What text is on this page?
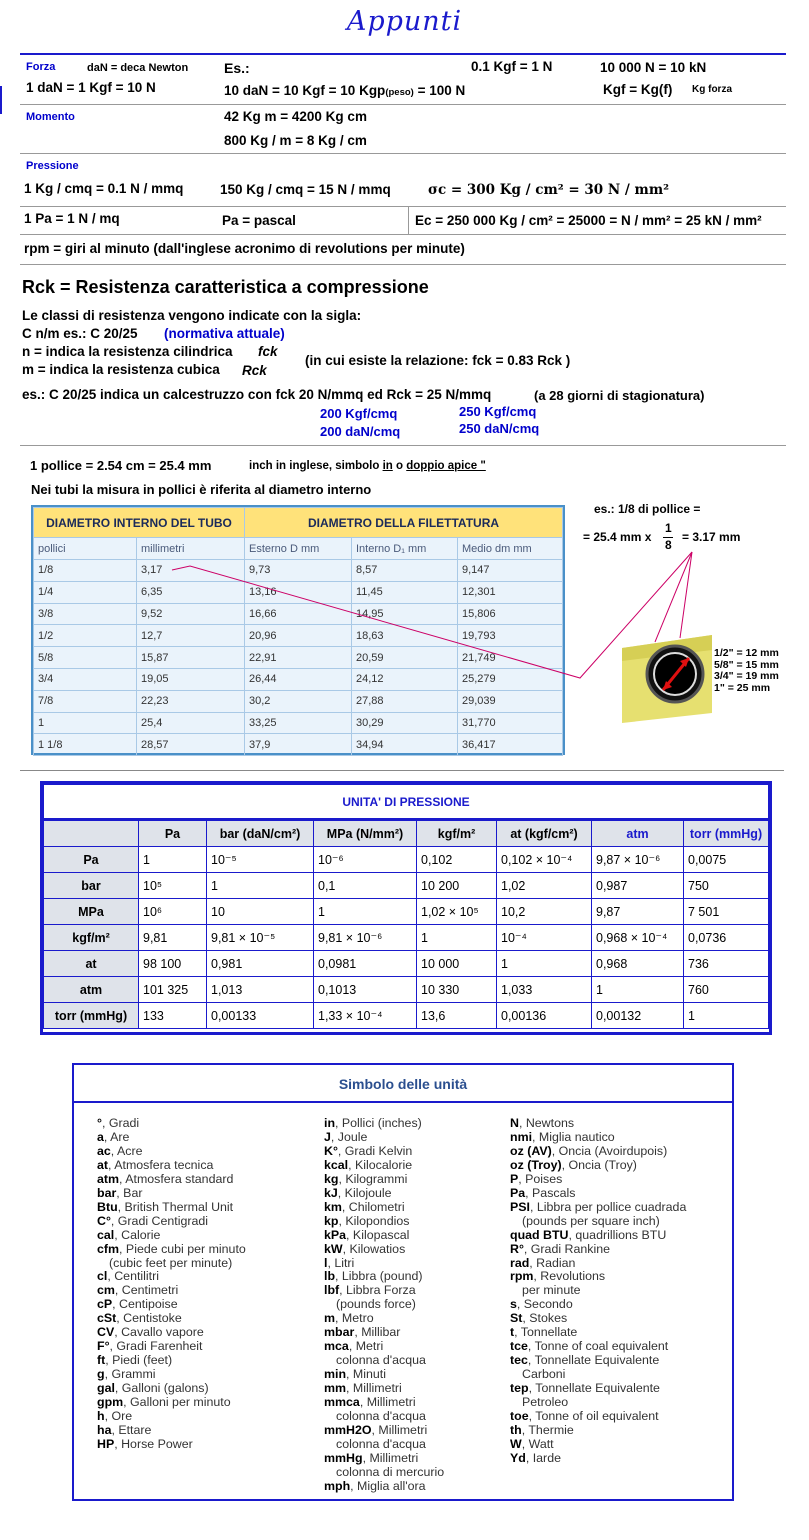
Appunti
Forza	daN = deca Newton	Es.:	0.1 Kgf = 1 N	10 000 N = 10 kN
1 daN = 1 Kgf = 10 N	10 daN = 10 Kgf = 10 Kgp(peso) = 100 N	Kgf = Kg(f) Kg forza
Momento	42 Kg m = 4200 Kg cm
800 Kg / m = 8 Kg / cm
Pressione
1 Kg / cmq = 0.1 N / mmq	150 Kg / cmq = 15 N / mmq	σc = 300 Kg / cm² = 30 N / mm²
1 Pa = 1 N / mq	Pa = pascal	Ec = 250 000 Kg / cm² = 25000 = N / mm² = 25 kN / mm²
rpm = giri al minuto (dall'inglese acronimo di revolutions per minute)
Rck = Resistenza caratteristica a compressione
Le classi di resistenza vengono indicate con la sigla:
C n/m es.: C 20/25 (normativa attuale)
n = indica la resistenza cilindrica fck
m = indica la resistenza cubica Rck
(in cui esiste la relazione: fck = 0.83 Rck )
es.: C 20/25 indica un calcestruzzo con fck 20 N/mmq ed Rck = 25 N/mmq	(a 28 giorni di stagionatura)
200 Kgf/cmq
200 daN/cmq
250 Kgf/cmq
250 daN/cmq
1 pollice = 2.54 cm = 25.4 mm	inch in inglese, simbolo in o doppio apice "
Nei tubi la misura in pollici è riferita al diametro interno
DIAMETRO INTERNO DEL TUBO		DIAMETRO DELLA FILETTATURA		
pollici	millimetri	Esterno D mm	Interno D₁ mm	Medio dm mm
1/8	3,17	9,73	8,57	9,147
1/4	6,35	13,16	11,45	12,301
3/8	9,52	16,66	14,95	15,806
1/2	12,7	20,96	18,63	19,793
5/8	15,87	22,91	20,59	21,749
3/4	19,05	26,44	24,12	25,279
7/8	22,23	30,2	27,88	29,039
1	25,4	33,25	30,29	31,770
1 1/8	28,57	37,9	34,94	36,417
es.: 1/8 di pollice =
= 25.4 mm x
1
8
= 3.17 mm
1/2" = 12 mm
5/8" = 15 mm
3/4" = 19 mm
1" = 25 mm
UNITA' DI PRESSIONE							
	Pa	bar (daN/cm²)	MPa (N/mm²)	kgf/m²	at (kgf/cm²)	atm	torr (mmHg)
Pa	1	10⁻⁵	10⁻⁶	0,102	0,102 × 10⁻⁴	9,87 × 10⁻⁶	0,0075
bar	10⁵	1	0,1	10 200	1,02	0,987	750
MPa	10⁶	10	1	1,02 × 10⁵	10,2	9,87	7 501
kgf/m²	9,81	9,81 × 10⁻⁵	9,81 × 10⁻⁶	1	10⁻⁴	0,968 × 10⁻⁴	0,0736
at	98 100	0,981	0,0981	10 000	1	0,968	736
atm	101 325	1,013	0,1013	10 330	1,033	1	760
torr (mmHg)	133	0,00133	1,33 × 10⁻⁴	13,6	0,00136	0,00132	1
Simbolo delle unità
°, Gradi
a, Are
ac, Acre
at, Atmosfera tecnica
atm, Atmosfera standard
bar, Bar
Btu, British Thermal Unit
C°, Gradi Centigradi
cal, Calorie
cfm, Piede cubi per minuto
(cubic feet per minute)
cl, Centilitri
cm, Centimetri
cP, Centipoise
cSt, Centistoke
CV, Cavallo vapore
F°, Gradi Farenheit
ft, Piedi (feet)
g, Grammi
gal, Galloni (galons)
gpm, Galloni per minuto
h, Ore
ha, Ettare
HP, Horse Power
in, Pollici (inches)
J, Joule
K°, Gradi Kelvin
kcal, Kilocalorie
kg, Kilogrammi
kJ, Kilojoule
km, Chilometri
kp, Kilopondios
kPa, Kilopascal
kW, Kilowatios
l, Litri
lb, Libbra (pound)
lbf, Libbra Forza
(pounds force)
m, Metro
mbar, Millibar
mca, Metri
colonna d'acqua
min, Minuti
mm, Millimetri
mmca, Millimetri
colonna d'acqua
mmH2O, Millimetri
colonna d'acqua
mmHg, Millimetri
colonna di mercurio
mph, Miglia all'ora
N, Newtons
nmi, Miglia nautico
oz (AV), Oncia (Avoirdupois)
oz (Troy), Oncia (Troy)
P, Poises
Pa, Pascals
PSI, Libbra per pollice cuadrada
(pounds per square inch)
quad BTU, quadrillions BTU
R°, Gradi Rankine
rad, Radian
rpm, Revolutions
per minute
s, Secondo
St, Stokes
t, Tonnellate
tce, Tonne of coal equivalent
tec, Tonnellate Equivalente
Carboni
tep, Tonnellate Equivalente
Petroleo
toe, Tonne of oil equivalent
th, Thermie
W, Watt
Yd, Iarde
